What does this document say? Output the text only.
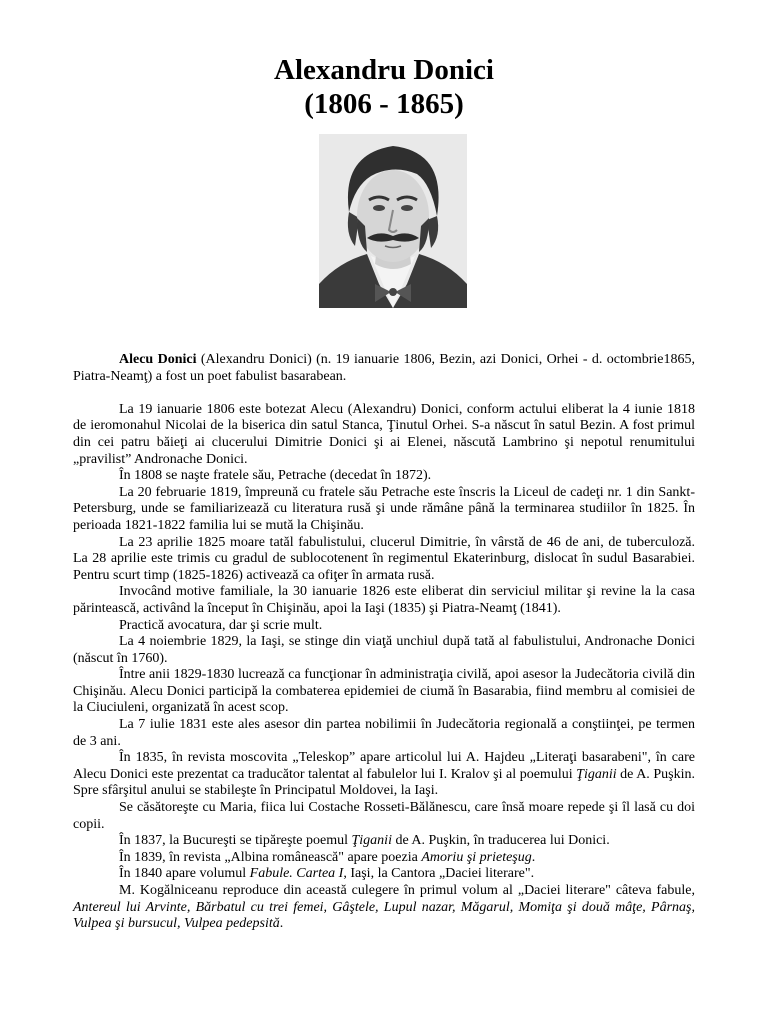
Alexandru Donici
(1806 - 1865)

Alecu Donici (Alexandru Donici) (n. 19 ianuarie 1806, Bezin, azi Donici, Orhei - d. octombrie1865, Piatra-Neamţ) a fost un poet fabulist basarabean.

La 19 ianuarie 1806 este botezat Alecu (Alexandru) Donici, conform actului eliberat la 4 iunie 1818 de ieromonahul Nicolai de la biserica din satul Stanca, Ţinutul Orhei. S-a născut în satul Bezin. A fost primul din cei patru băieţi ai clucerului Dimitrie Donici şi ai Elenei, născută Lambrino şi nepotul renumitului „pravilist” Andronache Donici.

În 1808 se naşte fratele său, Petrache (decedat în 1872).

La 20 februarie 1819, împreună cu fratele său Petrache este înscris la Liceul de cadeţi nr. 1 din Sankt-Petersburg, unde se familiarizează cu literatura rusă şi unde rămâne până la terminarea studiilor în 1825. În perioada 1821-1822 familia lui se mută la Chişinău.

La 23 aprilie 1825 moare tatăl fabulistului, clucerul Dimitrie, în vârstă de 46 de ani, de tuberculoză. La 28 aprilie este trimis cu gradul de sublocotenent în regimentul Ekaterinburg, dislocat în sudul Basarabiei. Pentru scurt timp (1825-1826) activează ca ofiţer în armata rusă.

Invocând motive familiale, la 30 ianuarie 1826 este eliberat din serviciul militar şi revine la la casa părintească, activând la început în Chişinău, apoi la Iaşi (1835) şi Piatra-Neamţ (1841).

Practică avocatura, dar şi scrie mult.

La 4 noiembrie 1829, la Iaşi, se stinge din viaţă unchiul după tată al fabulistului, Andronache Donici (născut în 1760).

Între anii 1829-1830 lucrează ca funcţionar în administraţia civilă, apoi asesor la Judecătoria civilă din Chişinău. Alecu Donici participă la combaterea epidemiei de ciumă în Basarabia, fiind membru al comisiei de la Ciuciuleni, organizată în acest scop.

La 7 iulie 1831 este ales asesor din partea nobilimii în Judecătoria regională a conştiinţei, pe termen de 3 ani.

În 1835, în revista moscovita „Teleskop” apare articolul lui A. Hajdeu „Literaţi basarabeni", în care Alecu Donici este prezentat ca traducător talentat al fabulelor lui I. Kralov şi al poemului Ţiganii de A. Puşkin. Spre sfârşitul anului se stabileşte în Principatul Moldovei, la Iaşi.

Se căsătoreşte cu Maria, fiica lui Costache Rosseti-Bălănescu, care însă moare repede şi îl lasă cu doi copii.

În 1837, la Bucureşti se tipăreşte poemul Ţiganii de A. Puşkin, în traducerea lui Donici.

În 1839, în revista „Albina românească" apare poezia Amoriu şi prieteşug.

În 1840 apare volumul Fabule. Cartea I, Iaşi, la Cantora „Daciei literare".

M. Kogălniceanu reproduce din această culegere în primul volum al „Daciei literare" câteva fabule, Antereul lui Arvinte, Bărbatul cu trei femei, Gâştele, Lupul nazar, Măgarul, Momiţa şi două mâţe, Pârnaş, Vulpea şi bursucul, Vulpea pedepsită.
